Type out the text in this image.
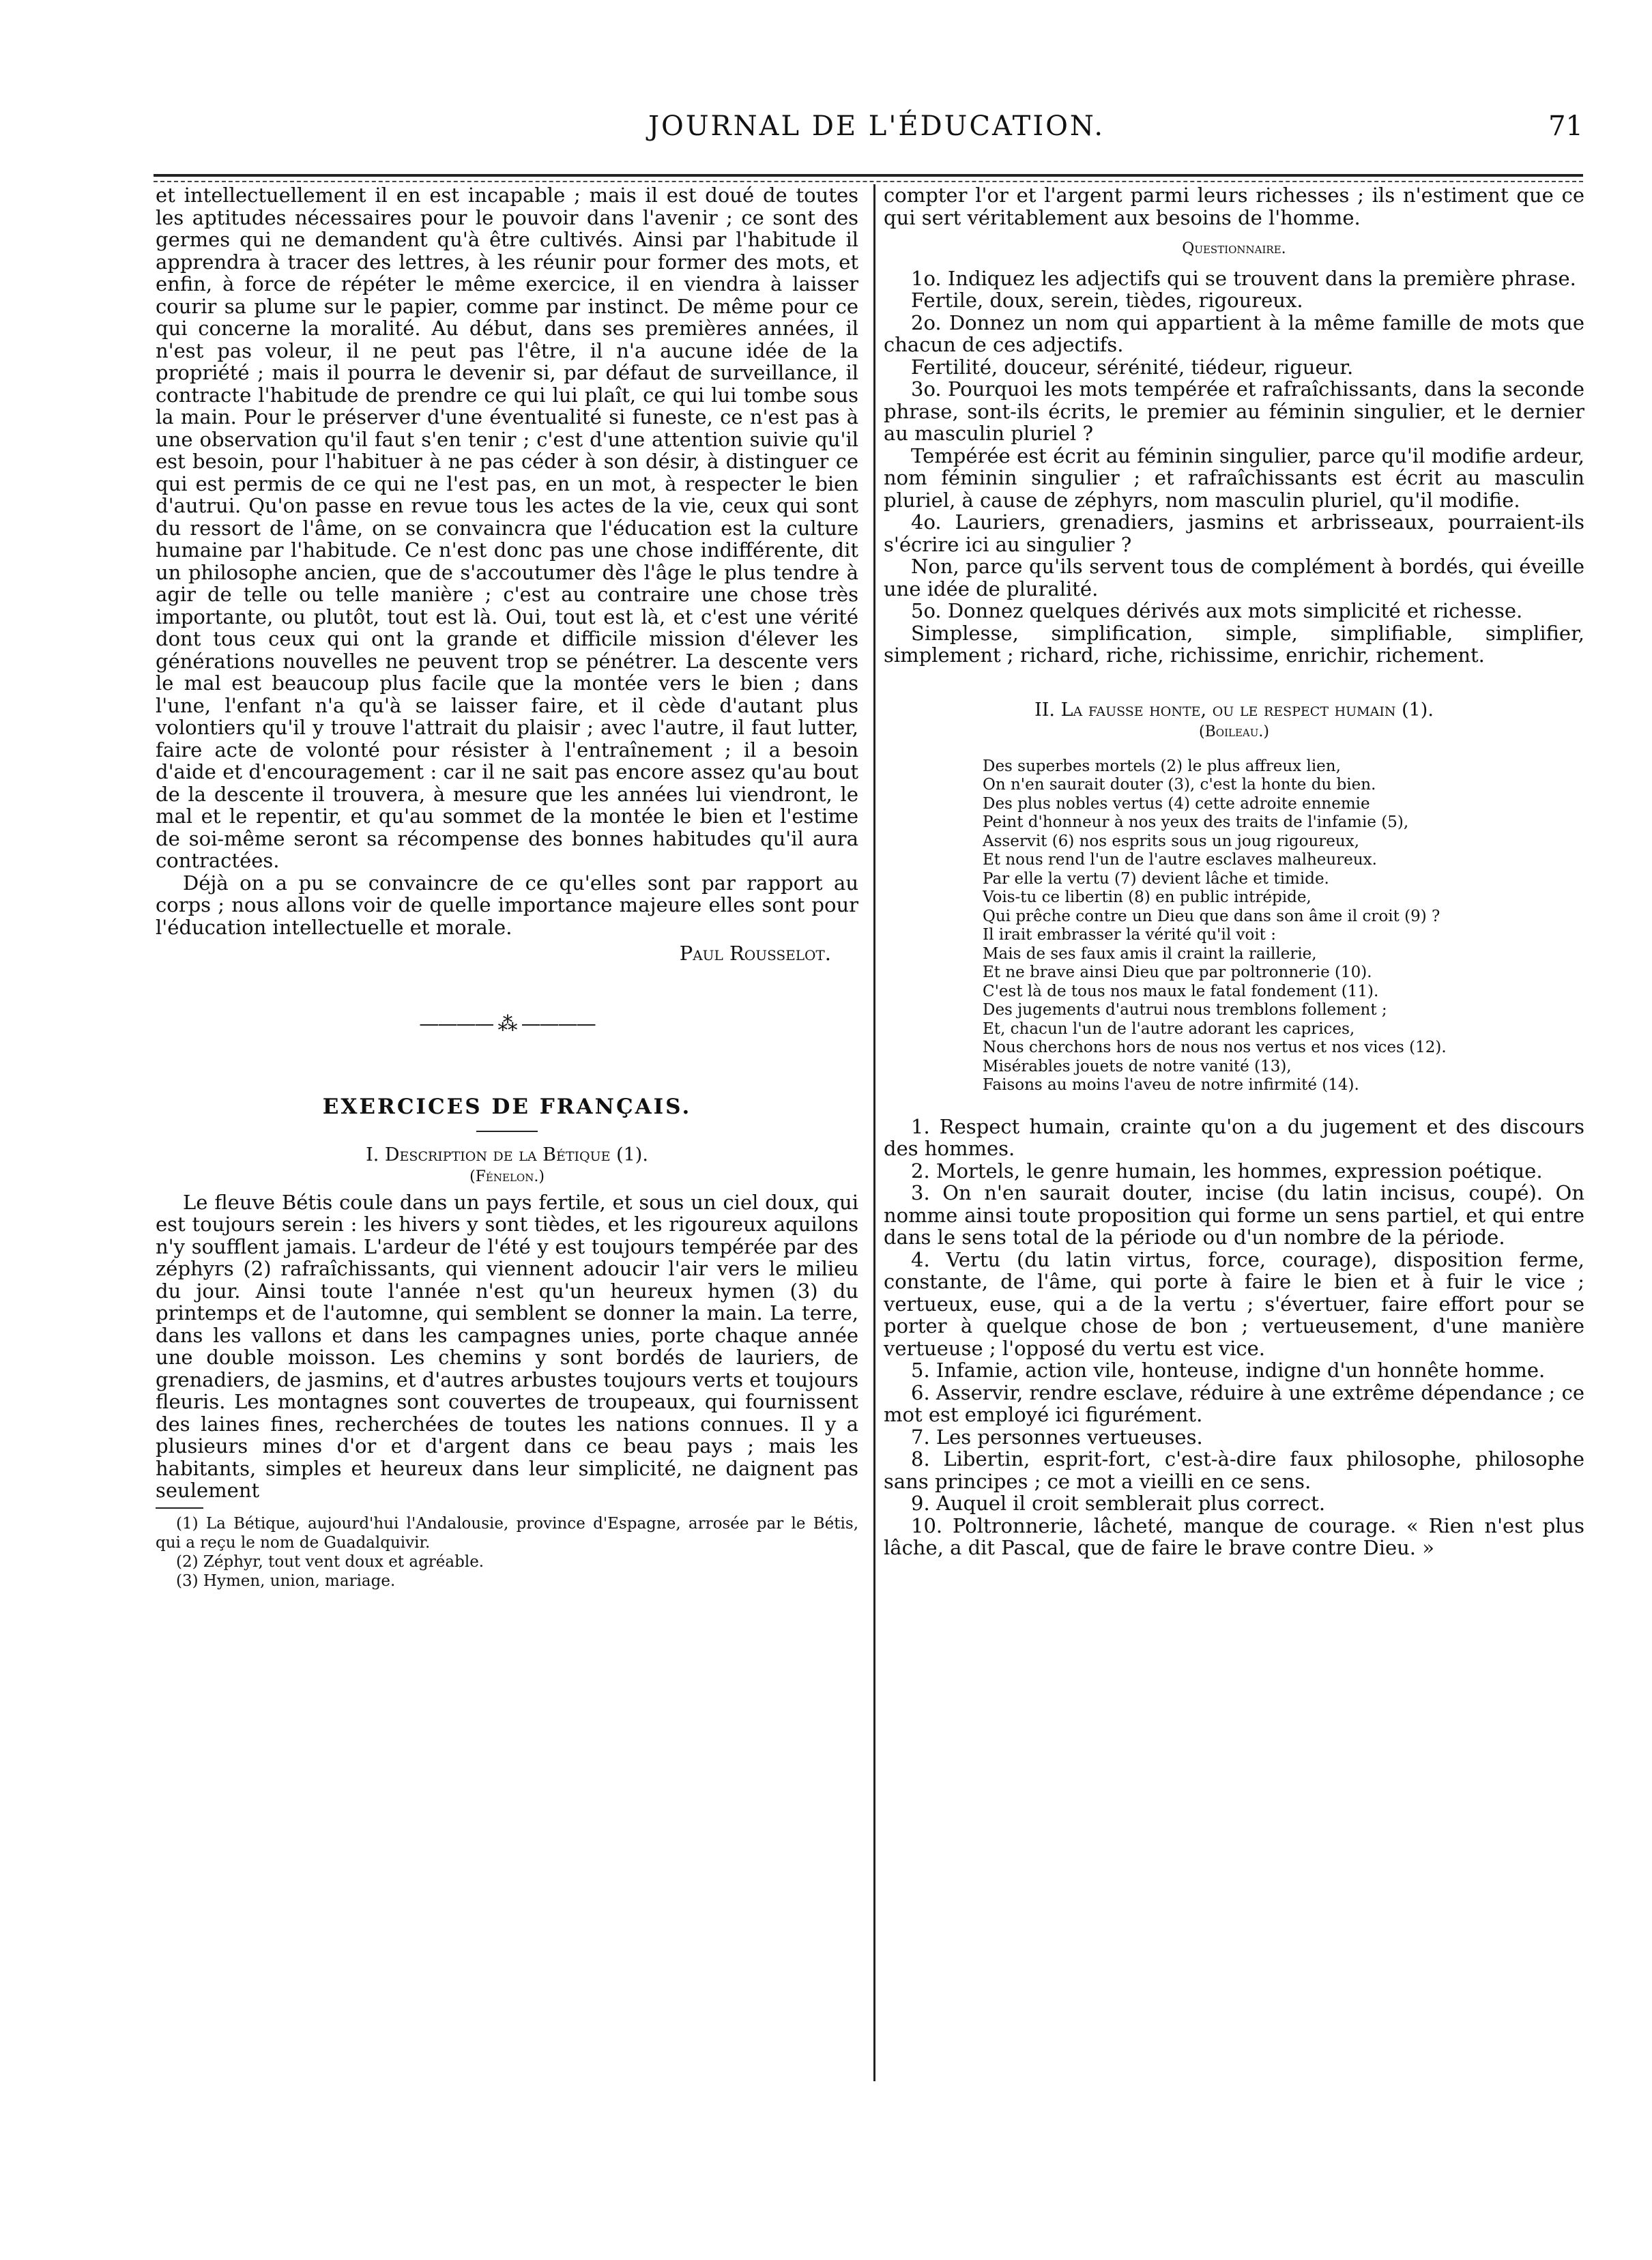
JOURNAL DE L'ÉDUCATION.	71

et intellectuellement il en est incapable ; mais il est doué de toutes les aptitudes nécessaires pour le pouvoir dans l'avenir ; ce sont des germes qui ne demandent qu'à être cultivés. Ainsi par l'habitude il apprendra à tracer des lettres, à les réunir pour former des mots, et enfin, à force de répéter le même exercice, il en viendra à laisser courir sa plume sur le papier, comme par instinct. De même pour ce qui concerne la moralité. Au début, dans ses premières années, il n'est pas voleur, il ne peut pas l'être, il n'a aucune idée de la propriété ; mais il pourra le devenir si, par défaut de surveillance, il contracte l'habitude de prendre ce qui lui plaît, ce qui lui tombe sous la main. Pour le préserver d'une éventualité si funeste, ce n'est pas à une observation qu'il faut s'en tenir ; c'est d'une attention suivie qu'il est besoin, pour l'habituer à ne pas céder à son désir, à distinguer ce qui est permis de ce qui ne l'est pas, en un mot, à respecter le bien d'autrui. Qu'on passe en revue tous les actes de la vie, ceux qui sont du ressort de l'âme, on se convaincra que l'éducation est la culture humaine par l'habitude. Ce n'est donc pas une chose indifférente, dit un philosophe ancien, que de s'accoutumer dès l'âge le plus tendre à agir de telle ou telle manière ; c'est au contraire une chose très importante, ou plutôt, tout est là. Oui, tout est là, et c'est une vérité dont tous ceux qui ont la grande et difficile mission d'élever les générations nouvelles ne peuvent trop se pénétrer. La descente vers le mal est beaucoup plus facile que la montée vers le bien ; dans l'une, l'enfant n'a qu'à se laisser faire, et il cède d'autant plus volontiers qu'il y trouve l'attrait du plaisir ; avec l'autre, il faut lutter, faire acte de volonté pour résister à l'entraînement ; il a besoin d'aide et d'encouragement : car il ne sait pas encore assez qu'au bout de la descente il trouvera, à mesure que les années lui viendront, le mal et le repentir, et qu'au sommet de la montée le bien et l'estime de soi-même seront sa récompense des bonnes habitudes qu'il aura contractées.

Déjà on a pu se convaincre de ce qu'elles sont par rapport au corps ; nous allons voir de quelle importance majeure elles sont pour l'éducation intellectuelle et morale.

Paul Rousselot.

———— ⁂ ————

EXERCICES DE FRANÇAIS.

I. Description de la Bétique (1).

(Fénelon.)

Le fleuve Bétis coule dans un pays fertile, et sous un ciel doux, qui est toujours serein : les hivers y sont tièdes, et les rigoureux aquilons n'y soufflent jamais. L'ardeur de l'été y est toujours tempérée par des zéphyrs (2) rafraîchissants, qui viennent adoucir l'air vers le milieu du jour. Ainsi toute l'année n'est qu'un heureux hymen (3) du printemps et de l'automne, qui semblent se donner la main. La terre, dans les vallons et dans les campagnes unies, porte chaque année une double moisson. Les chemins y sont bordés de lauriers, de grenadiers, de jasmins, et d'autres arbustes toujours verts et toujours fleuris. Les montagnes sont couvertes de troupeaux, qui fournissent des laines fines, recherchées de toutes les nations connues. Il y a plusieurs mines d'or et d'argent dans ce beau pays ; mais les habitants, simples et heureux dans leur simplicité, ne daignent pas seulement

(1) La Bétique, aujourd'hui l'Andalousie, province d'Espagne, arrosée par le Bétis, qui a reçu le nom de Guadalquivir.

(2) Zéphyr, tout vent doux et agréable.

(3) Hymen, union, mariage.

compter l'or et l'argent parmi leurs richesses ; ils n'estiment que ce qui sert véritablement aux besoins de l'homme.

Questionnaire.

1o. Indiquez les adjectifs qui se trouvent dans la première phrase.

Fertile, doux, serein, tièdes, rigoureux.

2o. Donnez un nom qui appartient à la même famille de mots que chacun de ces adjectifs.

Fertilité, douceur, sérénité, tiédeur, rigueur.

3o. Pourquoi les mots tempérée et rafraîchissants, dans la seconde phrase, sont-ils écrits, le premier au féminin singulier, et le dernier au masculin pluriel ?

Tempérée est écrit au féminin singulier, parce qu'il modifie ardeur, nom féminin singulier ; et rafraîchissants est écrit au masculin pluriel, à cause de zéphyrs, nom masculin pluriel, qu'il modifie.

4o. Lauriers, grenadiers, jasmins et arbrisseaux, pourraient-ils s'écrire ici au singulier ?

Non, parce qu'ils servent tous de complément à bordés, qui éveille une idée de pluralité.

5o. Donnez quelques dérivés aux mots simplicité et richesse.

Simplesse, simplification, simple, simplifiable, simplifier, simplement ; richard, riche, richissime, enrichir, richement.

II. La fausse honte, ou le respect humain (1).

(Boileau.)

Des superbes mortels (2) le plus affreux lien,
On n'en saurait douter (3), c'est la honte du bien.
Des plus nobles vertus (4) cette adroite ennemie
Peint d'honneur à nos yeux des traits de l'infamie (5),
Asservit (6) nos esprits sous un joug rigoureux,
Et nous rend l'un de l'autre esclaves malheureux.
Par elle la vertu (7) devient lâche et timide.
Vois-tu ce libertin (8) en public intrépide,
Qui prêche contre un Dieu que dans son âme il croit (9) ?
Il irait embrasser la vérité qu'il voit :
Mais de ses faux amis il craint la raillerie,
Et ne brave ainsi Dieu que par poltronnerie (10).
C'est là de tous nos maux le fatal fondement (11).
Des jugements d'autrui nous tremblons follement ;
Et, chacun l'un de l'autre adorant les caprices,
Nous cherchons hors de nous nos vertus et nos vices (12).
Misérables jouets de notre vanité (13),
Faisons au moins l'aveu de notre infirmité (14).

1. Respect humain, crainte qu'on a du jugement et des discours des hommes.

2. Mortels, le genre humain, les hommes, expression poétique.

3. On n'en saurait douter, incise (du latin incisus, coupé). On nomme ainsi toute proposition qui forme un sens partiel, et qui entre dans le sens total de la période ou d'un nombre de la période.

4. Vertu (du latin virtus, force, courage), disposition ferme, constante, de l'âme, qui porte à faire le bien et à fuir le vice ; vertueux, euse, qui a de la vertu ; s'évertuer, faire effort pour se porter à quelque chose de bon ; vertueusement, d'une manière vertueuse ; l'opposé du vertu est vice.

5. Infamie, action vile, honteuse, indigne d'un honnête homme.

6. Asservir, rendre esclave, réduire à une extrême dépendance ; ce mot est employé ici figurément.

7. Les personnes vertueuses.

8. Libertin, esprit-fort, c'est-à-dire faux philosophe, philosophe sans principes ; ce mot a vieilli en ce sens.

9. Auquel il croit semblerait plus correct.

10. Poltronnerie, lâcheté, manque de courage. « Rien n'est plus lâche, a dit Pascal, que de faire le brave contre Dieu. »
